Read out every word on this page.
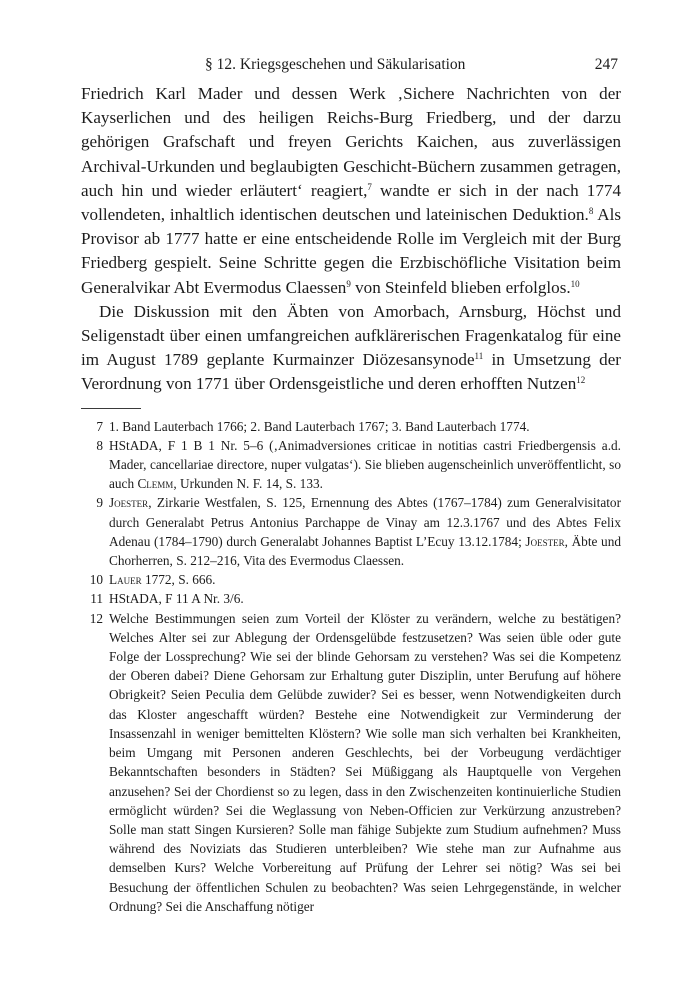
§ 12. Kriegsgeschehen und Säkularisation	247

Friedrich Karl Mader und dessen Werk ‚Sichere Nachrichten von der Kayserlichen und des heiligen Reichs-Burg Friedberg, und der darzu gehörigen Grafschaft und freyen Gerichts Kaichen, aus zuverlässigen Archival-Urkunden und beglaubigten Geschicht-Büchern zusammen getragen, auch hin und wieder erläutert‘ reagiert,$^7$ wandte er sich in der nach 1774 vollendeten, inhaltlich identischen deutschen und lateinischen Deduktion.$^8$ Als Provisor ab 1777 hatte er eine entscheidende Rolle im Vergleich mit der Burg Friedberg gespielt. Seine Schritte gegen die Erzbischöfliche Visitation beim Generalvikar Abt Evermodus Claessen$^9$ von Steinfeld blieben erfolglos.$^{10}$

Die Diskussion mit den Äbten von Amorbach, Arnsburg, Höchst und Seligenstadt über einen umfangreichen aufklärerischen Fragenkatalog für eine im August 1789 geplante Kurmainzer Diözesansynode$^{11}$ in Umsetzung der Verordnung von 1771 über Ordensgeistliche und deren erhofften Nutzen$^{12}$

7 1. Band Lauterbach 1766; 2. Band Lauterbach 1767; 3. Band Lauterbach 1774.
8 HStADA, F 1 B 1 Nr. 5–6 (‚Animadversiones criticae in notitias castri Friedbergensis a.d. Mader, cancellariae directore, nuper vulgatas‘). Sie blieben augenscheinlich unveröffentlicht, so auch Clemm, Urkunden N. F. 14, S. 133.
9 Joester, Zirkarie Westfalen, S. 125, Ernennung des Abtes (1767–1784) zum Generalvisitator durch Generalabt Petrus Antonius Parchappe de Vinay am 12.3.1767 und des Abtes Felix Adenau (1784–1790) durch Generalabt Johannes Baptist L’Ecuy 13.12.1784; Joester, Äbte und Chorherren, S. 212–216, Vita des Evermodus Claessen.
10 Lauer 1772, S. 666.
11 HStADA, F 11 A Nr. 3/6.
12 Welche Bestimmungen seien zum Vorteil der Klöster zu verändern, welche zu bestätigen? Welches Alter sei zur Ablegung der Ordensgelübde festzusetzen? Was seien üble oder gute Folge der Lossprechung? Wie sei der blinde Gehorsam zu verstehen? Was sei die Kompetenz der Oberen dabei? Diene Gehorsam zur Erhaltung guter Disziplin, unter Berufung auf höhere Obrigkeit? Seien Peculia dem Gelübde zuwider? Sei es besser, wenn Notwendigkeiten durch das Kloster angeschafft würden? Bestehe eine Notwendigkeit zur Verminderung der Insassenzahl in weniger bemittelten Klöstern? Wie solle man sich verhalten bei Krankheiten, beim Umgang mit Personen anderen Geschlechts, bei der Vorbeugung verdächtiger Bekanntschaften besonders in Städten? Sei Müßiggang als Hauptquelle von Vergehen anzusehen? Sei der Chordienst so zu legen, dass in den Zwischenzeiten kontinuierliche Studien ermöglicht würden? Sei die Weglassung von Neben-Officien zur Verkürzung anzustreben? Solle man statt Singen Kursieren? Solle man fähige Subjekte zum Studium aufnehmen? Muss während des Noviziats das Studieren unterbleiben? Wie stehe man zur Aufnahme aus demselben Kurs? Welche Vorbereitung auf Prüfung der Lehrer sei nötig? Was sei bei Besuchung der öffentlichen Schulen zu beobachten? Was seien Lehrgegenstände, in welcher Ordnung? Sei die Anschaffung nötiger
